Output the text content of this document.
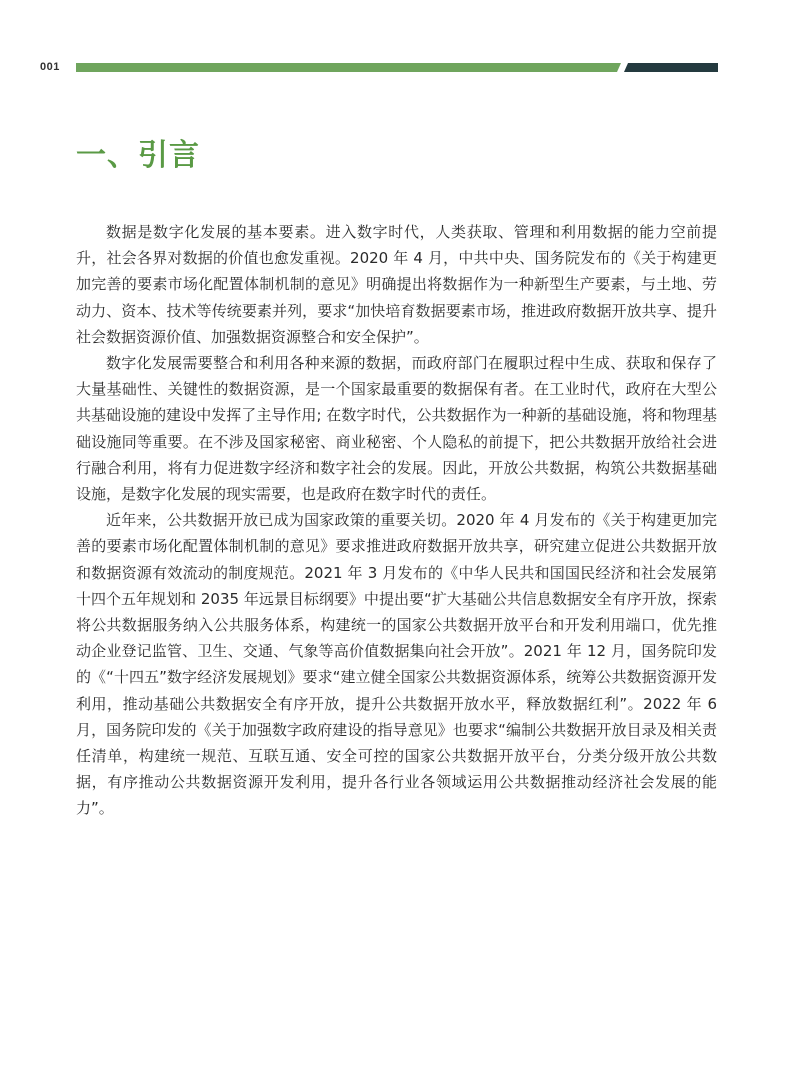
001
一、引言

数据是数字化发展的基本要素。进入数字时代，人类获取、管理和利用数据的能力空前提升，社会各界对数据的价值也愈发重视。2020 年 4 月，中共中央、国务院发布的《关于构建更加完善的要素市场化配置体制机制的意见》明确提出将数据作为一种新型生产要素，与土地、劳动力、资本、技术等传统要素并列，要求“加快培育数据要素市场，推进政府数据开放共享、提升社会数据资源价值、加强数据资源整合和安全保护”。

数字化发展需要整合和利用各种来源的数据，而政府部门在履职过程中生成、获取和保存了大量基础性、关键性的数据资源，是一个国家最重要的数据保有者。在工业时代，政府在大型公共基础设施的建设中发挥了主导作用; 在数字时代，公共数据作为一种新的基础设施，将和物理基础设施同等重要。在不涉及国家秘密、商业秘密、个人隐私的前提下，把公共数据开放给社会进行融合利用，将有力促进数字经济和数字社会的发展。因此，开放公共数据，构筑公共数据基础设施，是数字化发展的现实需要，也是政府在数字时代的责任。

近年来，公共数据开放已成为国家政策的重要关切。2020 年 4 月发布的《关于构建更加完善的要素市场化配置体制机制的意见》要求推进政府数据开放共享，研究建立促进公共数据开放和数据资源有效流动的制度规范。2021 年 3 月发布的《中华人民共和国国民经济和社会发展第十四个五年规划和 2035 年远景目标纲要》中提出要“扩大基础公共信息数据安全有序开放，探索将公共数据服务纳入公共服务体系，构建统一的国家公共数据开放平台和开发利用端口，优先推动企业登记监管、卫生、交通、气象等高价值数据集向社会开放”。2021 年 12 月，国务院印发的《“十四五”数字经济发展规划》要求“建立健全国家公共数据资源体系，统筹公共数据资源开发利用，推动基础公共数据安全有序开放，提升公共数据开放水平，释放数据红利”。2022 年 6 月，国务院印发的《关于加强数字政府建设的指导意见》也要求“编制公共数据开放目录及相关责任清单，构建统一规范、互联互通、安全可控的国家公共数据开放平台，分类分级开放公共数据，有序推动公共数据资源开发利用，提升各行业各领域运用公共数据推动经济社会发展的能力”。
